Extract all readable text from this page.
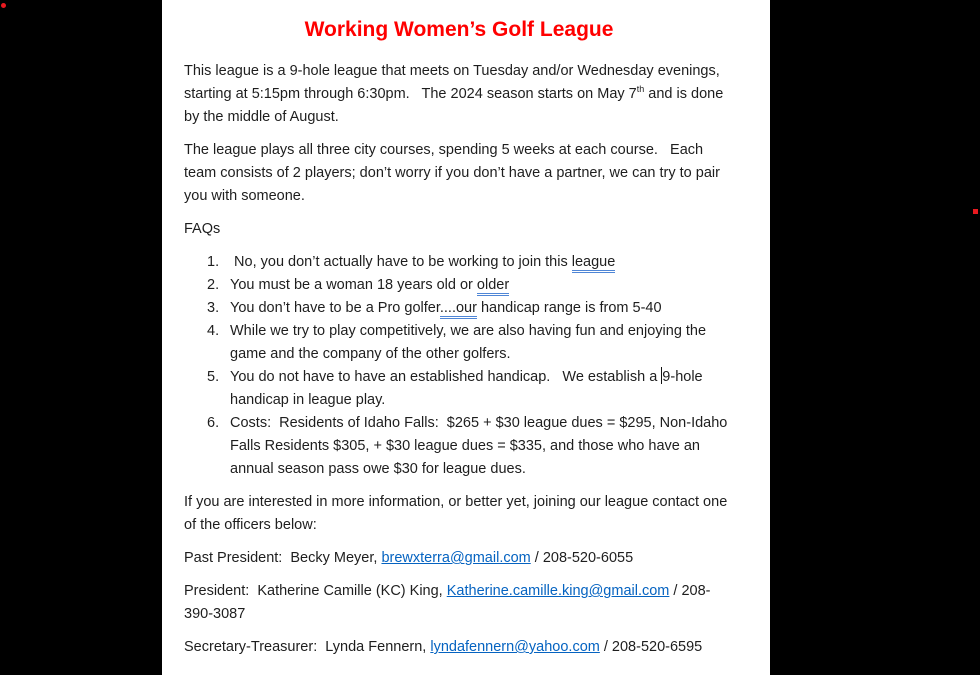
Working Women’s Golf League

This league is a 9-hole league that meets on Tuesday and/or Wednesday evenings, starting at 5:15pm through 6:30pm.   The 2024 season starts on May 7th and is done by the middle of August.

The league plays all three city courses, spending 5 weeks at each course.   Each team consists of 2 players; don’t worry if you don’t have a partner, we can try to pair you with someone.

FAQs

1. No, you don’t actually have to be working to join this league
2. You must be a woman 18 years old or older
3. You don’t have to be a Pro golfer....our handicap range is from 5-40
4. While we try to play competitively, we are also having fun and enjoying the game and the company of the other golfers.
5. You do not have to have an established handicap.   We establish a 9-hole handicap in league play.
6. Costs:  Residents of Idaho Falls:  $265 + $30 league dues = $295, Non-Idaho Falls Residents $305, + $30 league dues = $335, and those who have an annual season pass owe $30 for league dues.

If you are interested in more information, or better yet, joining our league contact one of the officers below:

Past President:  Becky Meyer, brewxterra@gmail.com / 208-520-6055

President:  Katherine Camille (KC) King, Katherine.camille.king@gmail.com / 208-390-3087

Secretary-Treasurer:  Lynda Fennern, lyndafennern@yahoo.com / 208-520-6595
